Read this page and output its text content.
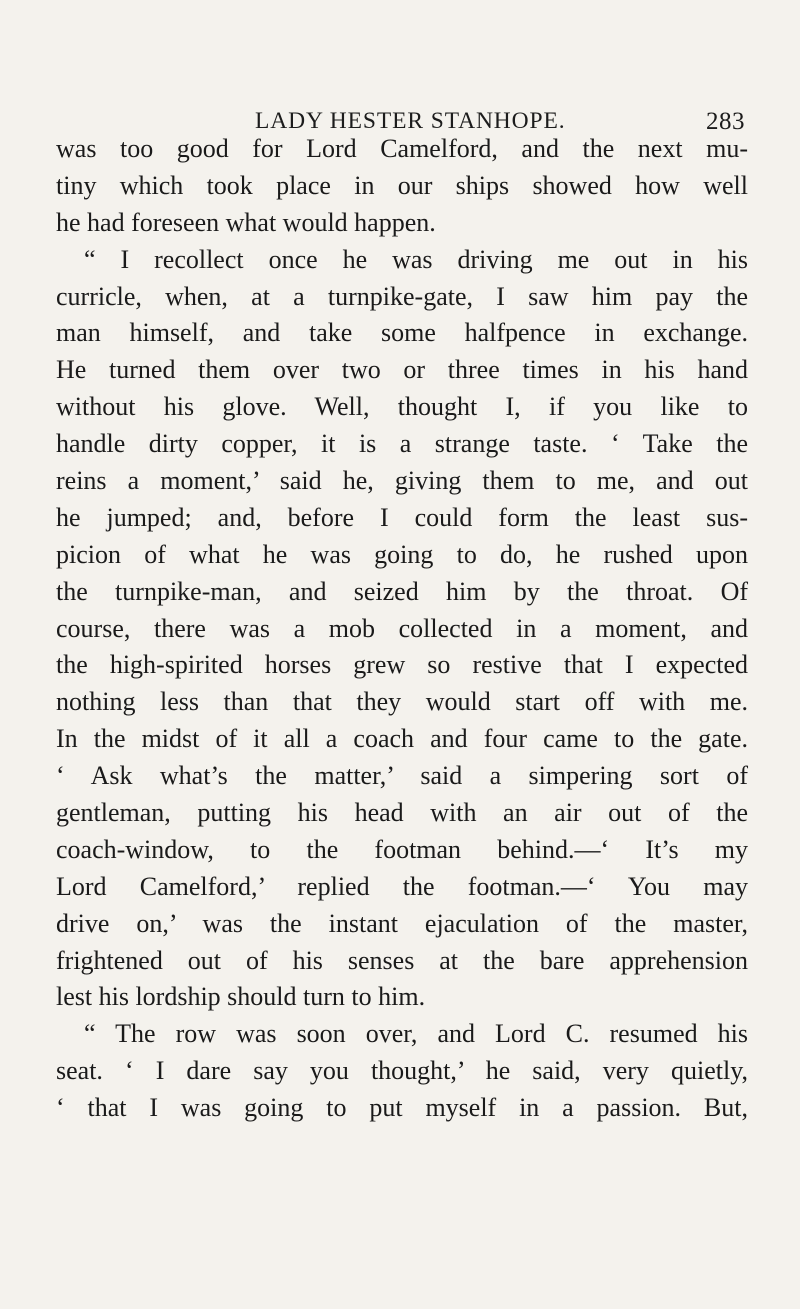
LADY HESTER STANHOPE.	283
was too good for Lord Camelford, and the next mu-
tiny which took place in our ships showed how well
he had foreseen what would happen.
“ I recollect once he was driving me out in his
curricle, when, at a turnpike-gate, I saw him pay the
man himself, and take some halfpence in exchange.
He turned them over two or three times in his hand
without his glove. Well, thought I, if you like to
handle dirty copper, it is a strange taste. ‘ Take the
reins a moment,’ said he, giving them to me, and out
he jumped; and, before I could form the least sus-
picion of what he was going to do, he rushed upon
the turnpike-man, and seized him by the throat. Of
course, there was a mob collected in a moment, and
the high-spirited horses grew so restive that I expected
nothing less than that they would start off with me.
In the midst of it all a coach and four came to the gate.
‘ Ask what’s the matter,’ said a simpering sort of
gentleman, putting his head with an air out of the
coach-window, to the footman behind.—‘ It’s my
Lord Camelford,’ replied the footman.—‘ You may
drive on,’ was the instant ejaculation of the master,
frightened out of his senses at the bare apprehension
lest his lordship should turn to him.
“ The row was soon over, and Lord C. resumed his
seat. ‘ I dare say you thought,’ he said, very quietly,
‘ that I was going to put myself in a passion. But,
